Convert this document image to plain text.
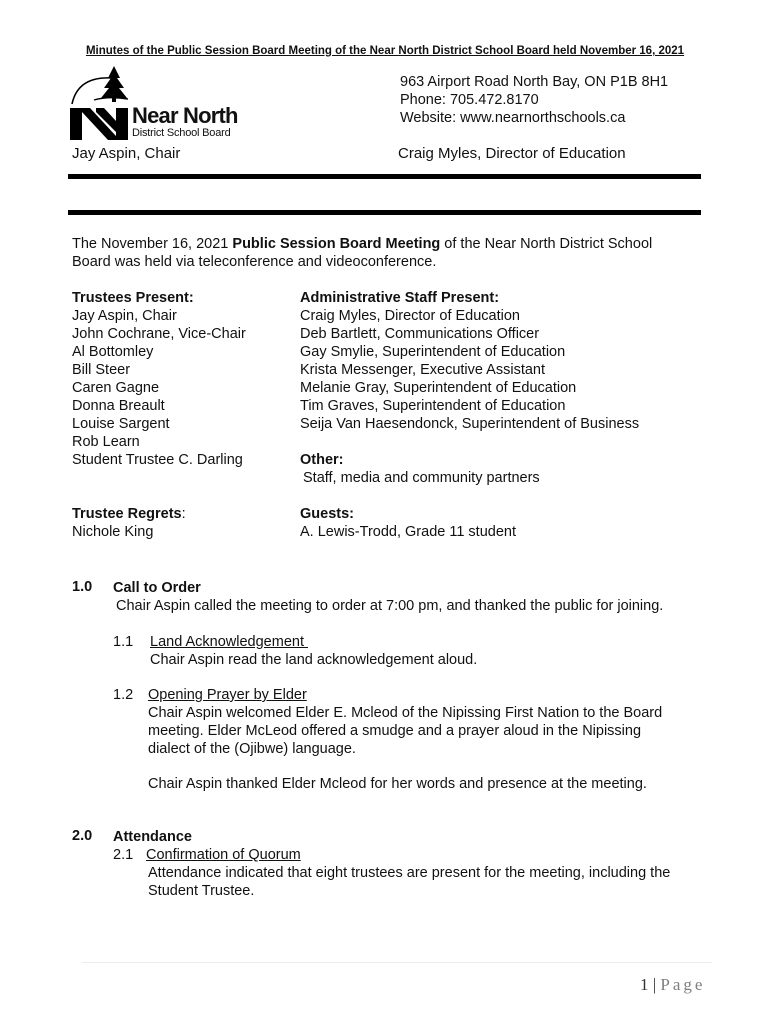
Minutes of the Public Session Board Meeting of the Near North District School Board held November 16, 2021
Near North
District School Board
963 Airport Road North Bay, ON P1B 8H1
Phone: 705.472.8170
Website: www.nearnorthschools.ca
Jay Aspin, Chair	Craig Myles, Director of Education
The November 16, 2021 Public Session Board Meeting of the Near North District School
Board was held via teleconference and videoconference.
Trustees Present:
Jay Aspin, Chair
John Cochrane, Vice-Chair
Al Bottomley
Bill Steer
Caren Gagne
Donna Breault
Louise Sargent
Rob Learn
Student Trustee C. Darling
Administrative Staff Present:
Craig Myles, Director of Education
Deb Bartlett, Communications Officer
Gay Smylie, Superintendent of Education
Krista Messenger, Executive Assistant
Melanie Gray, Superintendent of Education
Tim Graves, Superintendent of Education
Seija Van Haesendonck, Superintendent of Business
Other:
Staff, media and community partners
Trustee Regrets:
Nichole King
Guests:
A. Lewis-Trodd, Grade 11 student
1.0 Call to Order
Chair Aspin called the meeting to order at 7:00 pm, and thanked the public for joining.
1.1 Land Acknowledgement
Chair Aspin read the land acknowledgement aloud.
1.2 Opening Prayer by Elder
Chair Aspin welcomed Elder E. Mcleod of the Nipissing First Nation to the Board
meeting. Elder McLeod offered a smudge and a prayer aloud in the Nipissing
dialect of the (Ojibwe) language.
Chair Aspin thanked Elder Mcleod for her words and presence at the meeting.
2.0 Attendance
2.1 Confirmation of Quorum
Attendance indicated that eight trustees are present for the meeting, including the
Student Trustee.
1 | Page
